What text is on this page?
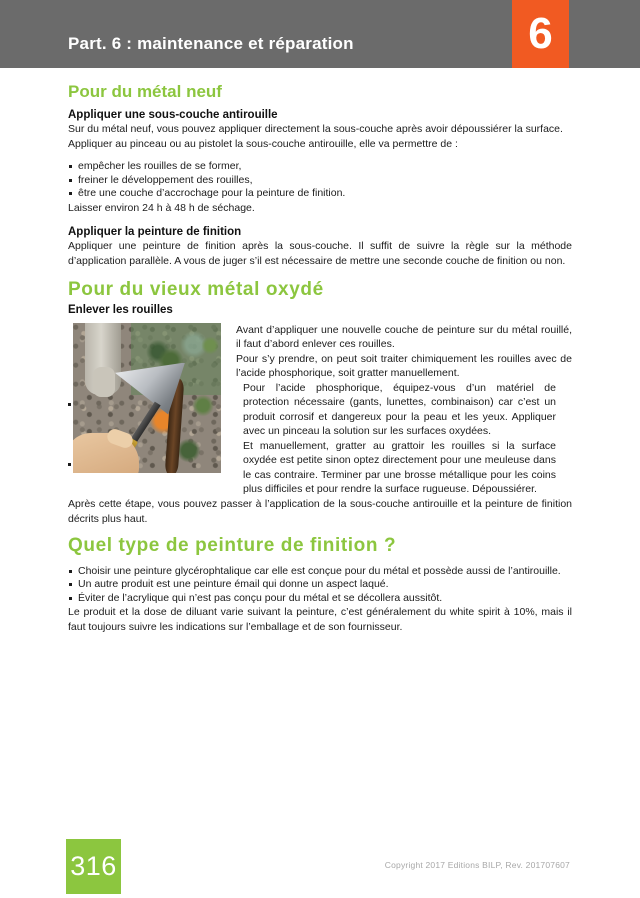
Part. 6 : maintenance et réparation	6
Pour du métal neuf
Appliquer une sous-couche antirouille

Sur du métal neuf, vous pouvez appliquer directement la sous-couche après avoir dépoussiérer la surface.

Appliquer au pinceau ou au pistolet la sous-couche antirouille, elle va permettre de :

empêcher les rouilles de se former,
freiner le développement des rouilles,
être une couche d’accrochage pour la peinture de finition.

Laisser environ 24 h à 48 h de séchage.

Appliquer la peinture de finition

Appliquer une peinture de finition après la sous-couche. Il suffit de suivre la règle sur la méthode d’application parallèle. A vous de juger s’il est nécessaire de mettre une seconde couche de finition ou non.

Pour du vieux métal oxydé
Enlever les rouilles

Avant d’appliquer une nouvelle couche de peinture sur du métal rouillé, il faut d’abord enlever ces rouilles.

Pour s’y prendre, on peut soit traiter chimiquement les rouilles avec de l’acide phosphorique, soit gratter manuellement.

Pour l’acide phosphorique, équipez-vous d’un matériel de protection nécessaire (gants, lunettes, combinaison) car c’est un produit corrosif et dangereux pour la peau et les yeux. Appliquer avec un pinceau la solution sur les surfaces oxydées.

Et manuellement, gratter au grattoir les rouilles si la surface oxydée est petite sinon optez directement pour une meuleuse dans le cas contraire. Terminer par une brosse métallique pour les coins plus difficiles et pour rendre la surface rugueuse. Dépoussiérer.

Après cette étape, vous pouvez passer à l’application de la sous-couche antirouille et la peinture de finition décrits plus haut.

Quel type de peinture de finition ?
Choisir une peinture glycérophtalique car elle est conçue pour du métal et possède aussi de l’antirouille.
Un autre produit est une peinture émail qui donne un aspect laqué.
Éviter de l’acrylique qui n’est pas conçu pour du métal et se décollera aussitôt.

Le produit et la dose de diluant varie suivant la peinture, c’est généralement du white spirit à 10%, mais il faut toujours suivre les indications sur l’emballage et de son fournisseur.

316	Copyright 2017 Editions BILP, Rev. 201707607
